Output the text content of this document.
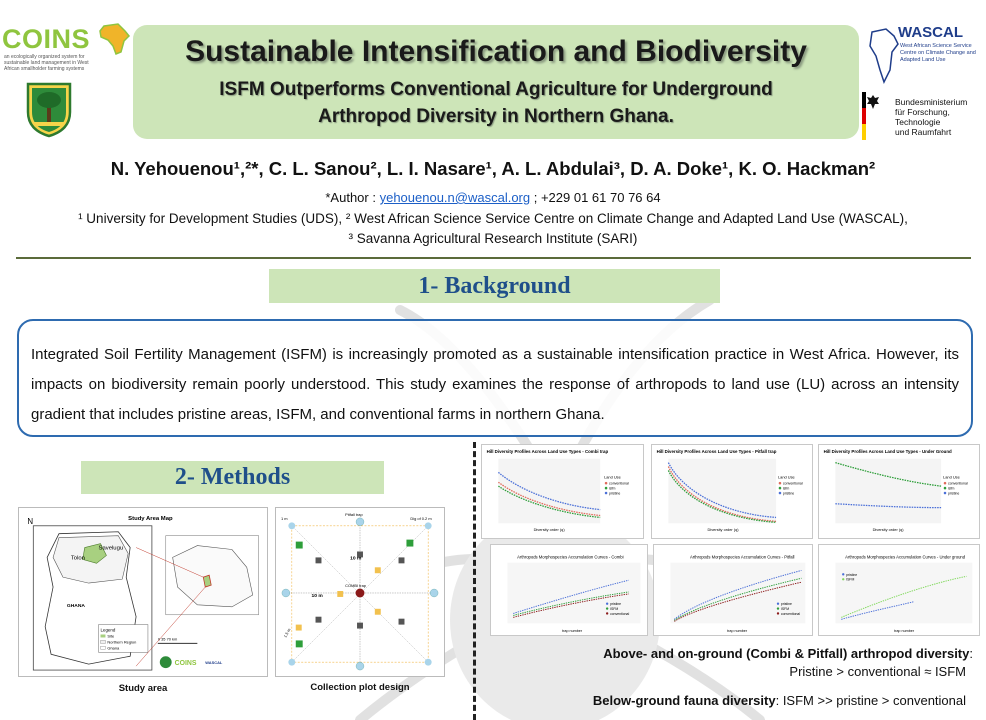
COINS
an ecologically organized system for sustainable land management in West African smallholder farming systems
Sustainable Intensification and Biodiversity
ISFM Outperforms Conventional Agriculture for Underground
Arthropod Diversity in Northern Ghana.
WASCAL
West African Science Service Centre on Climate Change and Adapted Land Use
Bundesministerium
für Forschung, Technologie
und Raumfahrt
N. Yehouenou¹,²*, C. L. Sanou², L. I. Nasare¹, A. L. Abdulai³, D. A. Doke¹, K. O. Hackman²
*Author : yehouenou.n@wascal.org ; +229 01 61 70 76 64
¹ University for Development Studies (UDS), ² West African Science Service Centre on Climate Change and Adapted Land Use (WASCAL),
³ Savanna Agricultural Research Institute (SARI)
1- Background

Integrated Soil Fertility Management (ISFM) is increasingly promoted as a sustainable intensification practice in West Africa. However, its impacts on biodiversity remain poorly understood. This study examines the response of arthropods to land use (LU) across an intensity gradient that includes pristine areas, ISFM, and conventional farms in northern Ghana.

2- Methods
Study Area Map
N
Tolon
Savelugu
GHANA
Legend
Site
Northern Region
Ghana
0 35 70 km
COINS WASCAL
Pitfall trap
Dig of 0.2 m
1 m
COMBI trap
10 m
10 m
1.5 m
Study area	Collection plot design
Hill Diversity Profiles Across Land Use Types - Combi trap
Land Use
conventional
isfm
pristine
Diversity order (q)
Hill Diversity Profiles Across Land Use Types - Pitfall trap
Land Use
conventional
isfm
pristine
Diversity order (q)
Hill Diversity Profiles Across Land Use Types - Under Ground
Land Use
conventional
isfm
pristine
Diversity order (q)
Arthropods Morphospecies Accumulation Curves - Combi
pristine
ISFM
conventional
trap number
Arthropods Morphospecies Accumulation Curves - Pitfall
pristine
ISFM
conventional
trap number
Arthropods Morphospecies Accumulation Curves - Under ground
pristine
ISFM
trap number
Above- and on-ground (Combi & Pitfall) arthropod diversity:
Pristine > conventional ≈ ISFM
Below-ground fauna diversity: ISFM >> pristine > conventional
